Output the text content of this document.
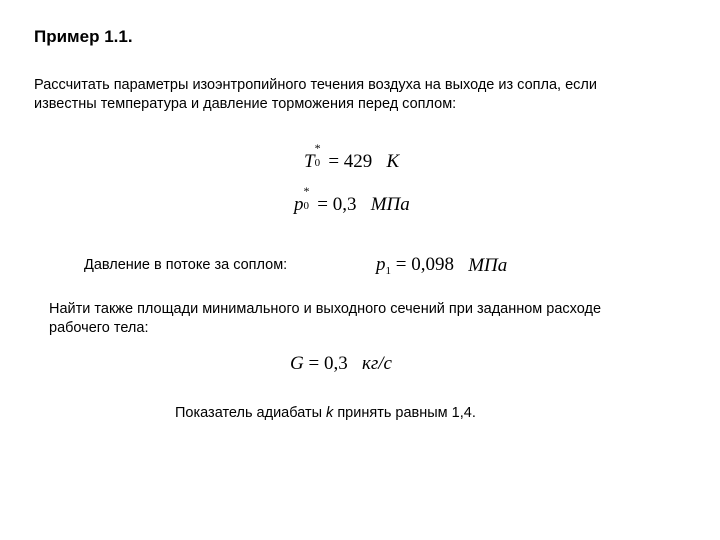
Пример 1.1.
Рассчитать параметры изоэнтропийного течения воздуха на выходе из сопла, если
известны температура и давление торможения перед соплом:
T
*
0 = 429 K
p
*
0 = 0,3 МПа
Давление в потоке за соплом:	$p_1 = 0,098$ МПа
Найти также площади минимального и выходного сечений при заданном расходе
рабочего тела:
G = 0,3 кг/с
Показатель адиабаты k принять равным 1,4.
